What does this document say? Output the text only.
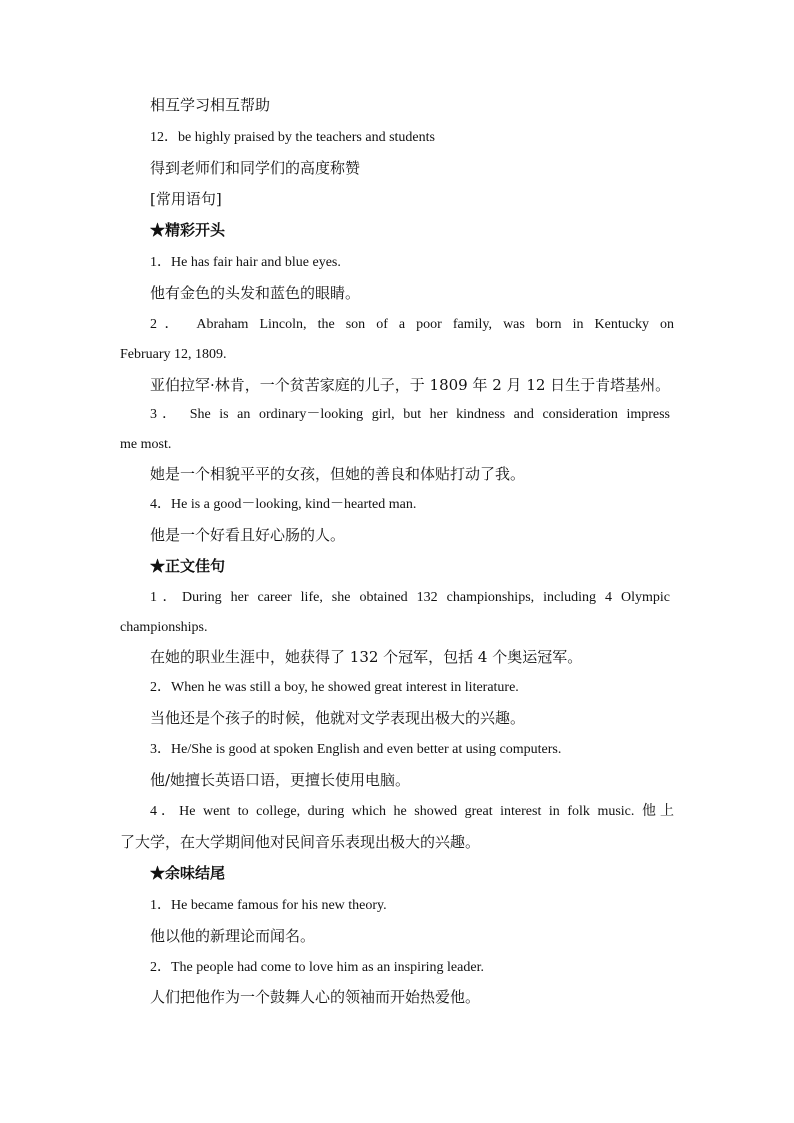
相互学习相互帮助
12．be highly praised by the teachers and students
得到老师们和同学们的高度称赞
[常用语句]
★精彩开头
1．He has fair hair and blue eyes.
他有金色的头发和蓝色的眼睛。
2． Abraham Lincoln, the son of a poor family, was born in Kentucky on
February 12, 1809.
亚伯拉罕·林肯，一个贫苦家庭的儿子，于 1809 年 2 月 12 日生于肯塔基州。
3． She is an ordinary－looking girl, but her kindness and consideration impress
me most.
她是一个相貌平平的女孩，但她的善良和体贴打动了我。
4．He is a good－looking, kind－hearted man.
他是一个好看且好心肠的人。
★正文佳句
1．During her career life, she obtained 132 championships, including 4 Olympic
championships.
在她的职业生涯中，她获得了 132 个冠军，包括 4 个奥运冠军。
2．When he was still a boy, he showed great interest in literature.
当他还是个孩子的时候，他就对文学表现出极大的兴趣。
3．He/She is good at spoken English and even better at using computers.
他/她擅长英语口语，更擅长使用电脑。
4．He went to college, during which he showed great interest in folk music. 他上
了大学，在大学期间他对民间音乐表现出极大的兴趣。
★余味结尾
1．He became famous for his new theory.
他以他的新理论而闻名。
2．The people had come to love him as an inspiring leader.
人们把他作为一个鼓舞人心的领袖而开始热爱他。
